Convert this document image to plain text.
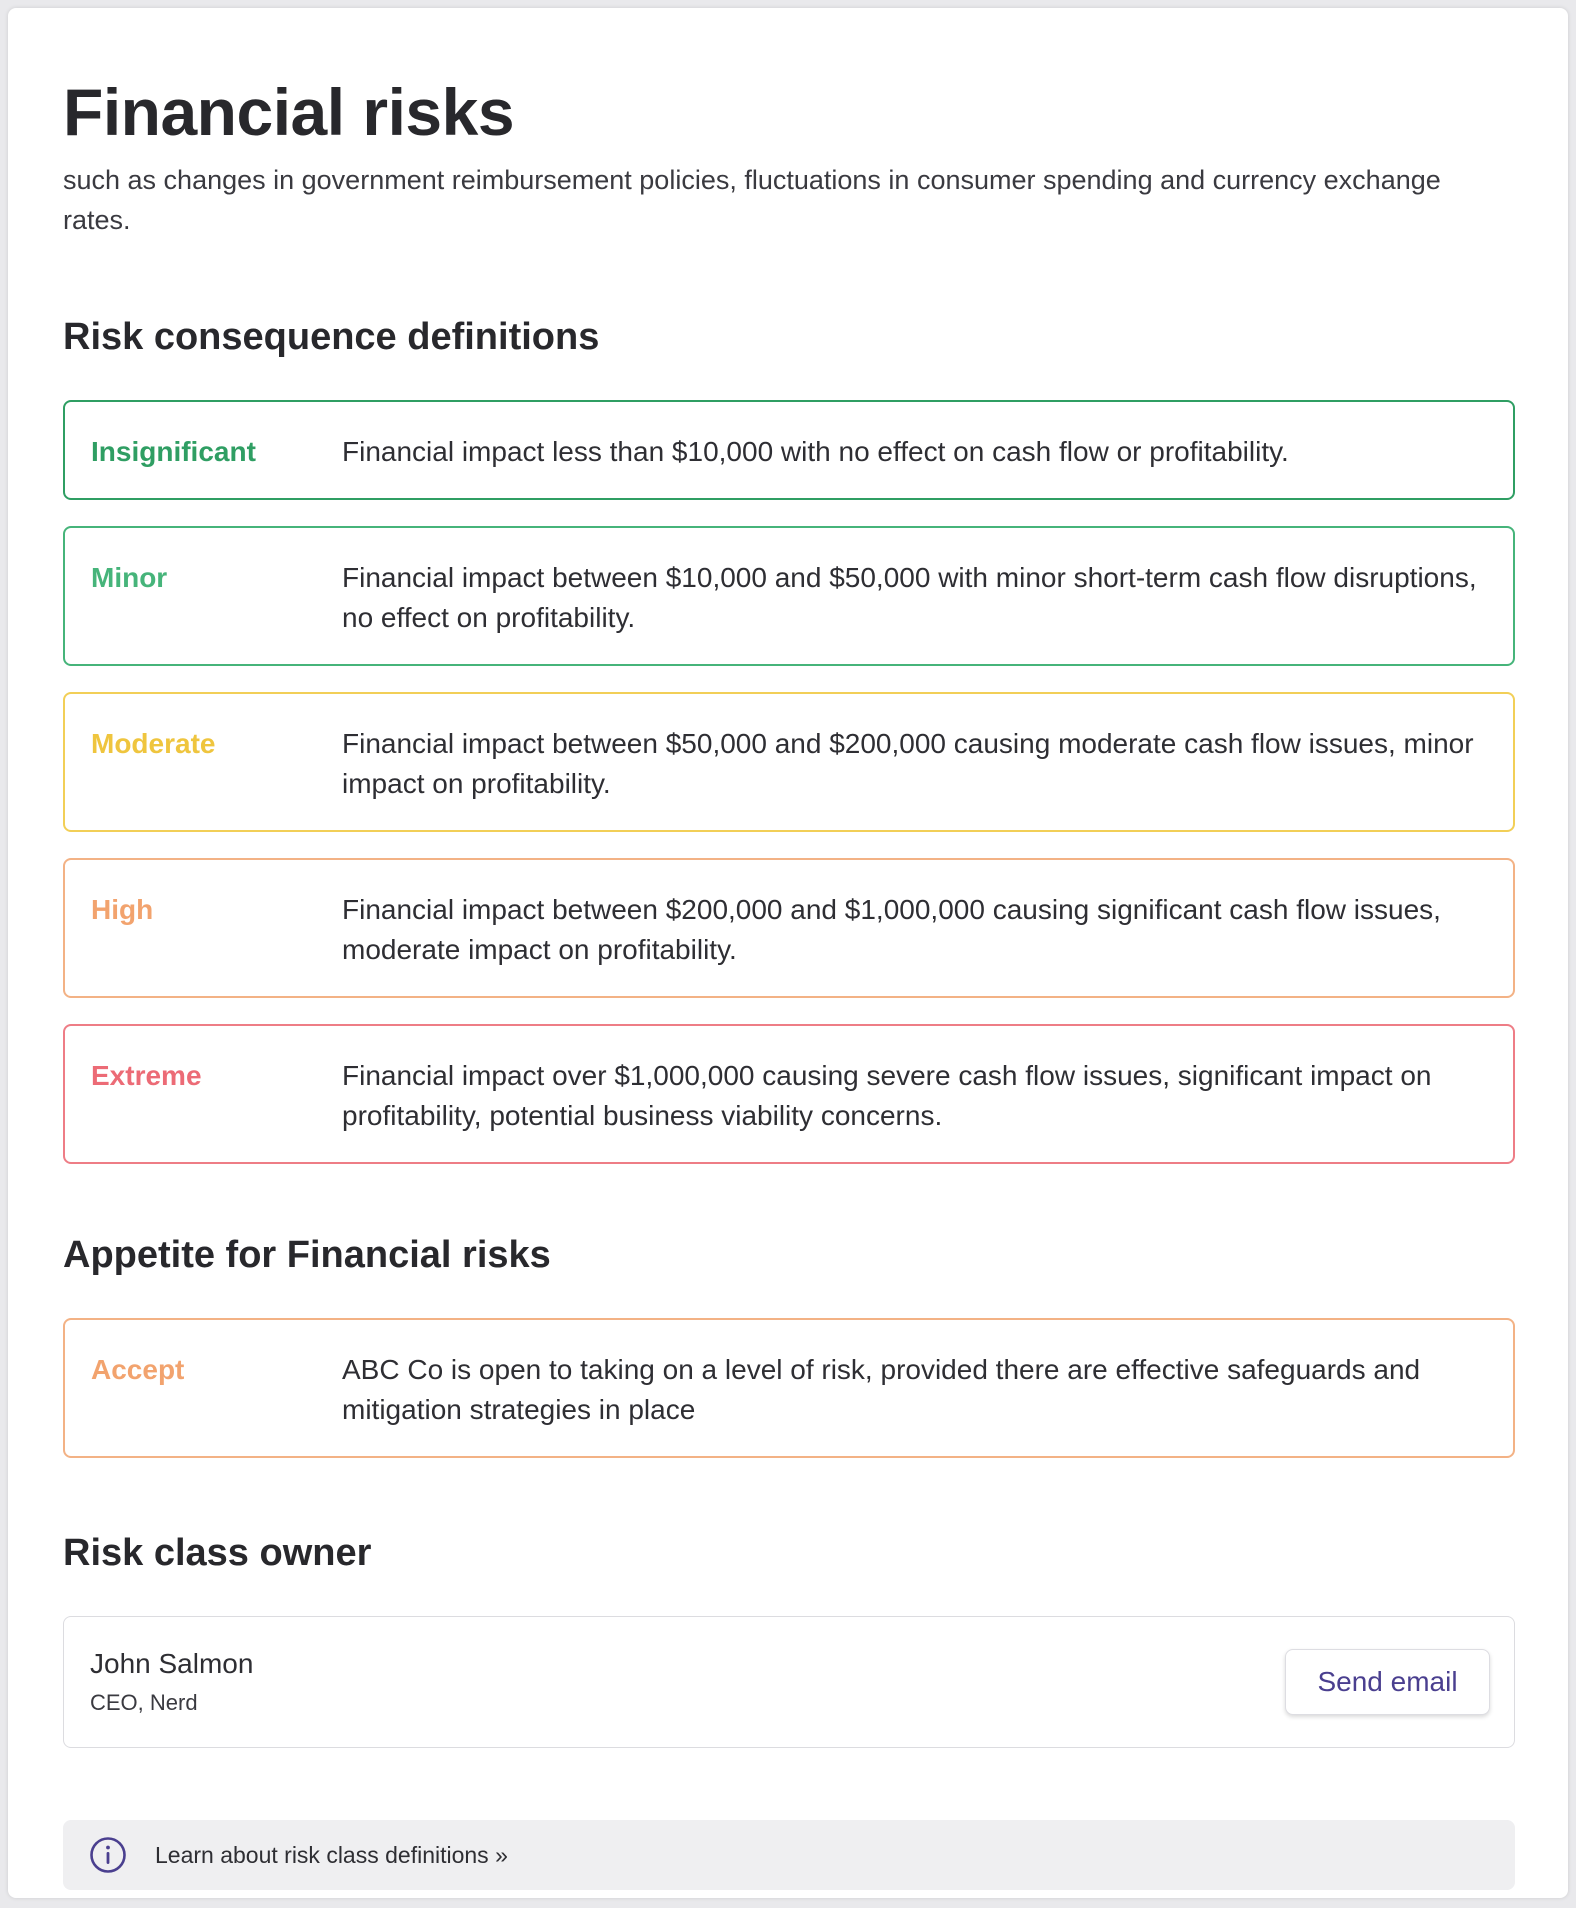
Financial risks

such as changes in government reimbursement policies, fluctuations in consumer spending and currency exchange rates.

Risk consequence definitions
Insignificant	Financial impact less than $10,000 with no effect on cash flow or profitability.
Minor	Financial impact between $10,000 and $50,000 with minor short-term cash flow disruptions, no effect on profitability.
Moderate	Financial impact between $50,000 and $200,000 causing moderate cash flow issues, minor impact on profitability.
High	Financial impact between $200,000 and $1,000,000 causing significant cash flow issues, moderate impact on profitability.
Extreme	Financial impact over $1,000,000 causing severe cash flow issues, significant impact on profitability, potential business viability concerns.
Appetite for Financial risks
Accept	ABC Co is open to taking on a level of risk, provided there are effective safeguards and mitigation strategies in place
Risk class owner
John Salmon
CEO, Nerd
Send email
Learn about risk class definitions »
